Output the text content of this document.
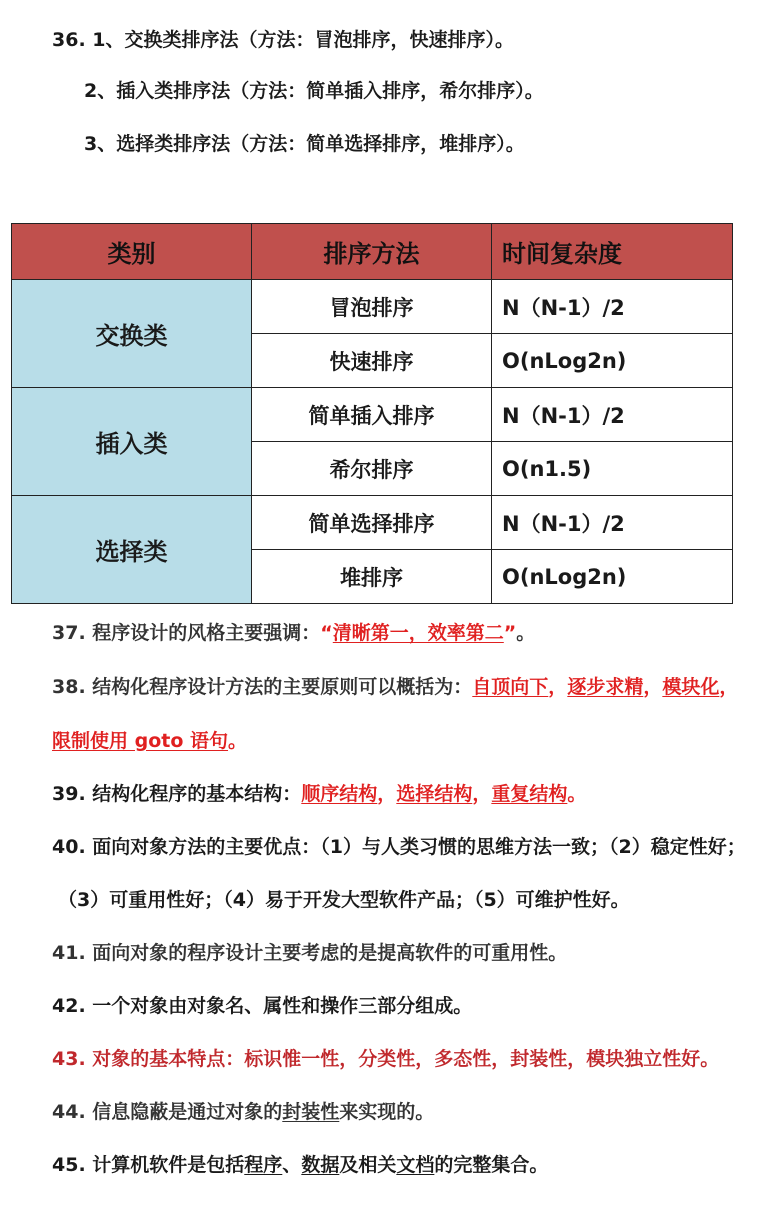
36. 1、交换类排序法（方法：冒泡排序，快速排序）。
2、插入类排序法（方法：简单插入排序，希尔排序）。
3、选择类排序法（方法：简单选择排序，堆排序）。
类别	排序方法	时间复杂度
交换类	冒泡排序	N（N-1）/2
	快速排序	O(nLog2n)
插入类	简单插入排序	N（N-1）/2
	希尔排序	O(n1.5)
选择类	简单选择排序	N（N-1）/2
	堆排序	O(nLog2n)
37. 程序设计的风格主要强调：“清晰第一，效率第二”。
38. 结构化程序设计方法的主要原则可以概括为：自顶向下，逐步求精，模块化，
限制使用 goto 语句。
39. 结构化程序的基本结构：顺序结构，选择结构，重复结构。
40. 面向对象方法的主要优点：（1）与人类习惯的思维方法一致；（2）稳定性好；
（3）可重用性好；（4）易于开发大型软件产品；（5）可维护性好。
41. 面向对象的程序设计主要考虑的是提高软件的可重用性。
42. 一个对象由对象名、属性和操作三部分组成。
43. 对象的基本特点：标识惟一性，分类性，多态性，封装性，模块独立性好。
44. 信息隐蔽是通过对象的封装性来实现的。
45. 计算机软件是包括程序、数据及相关文档的完整集合。
